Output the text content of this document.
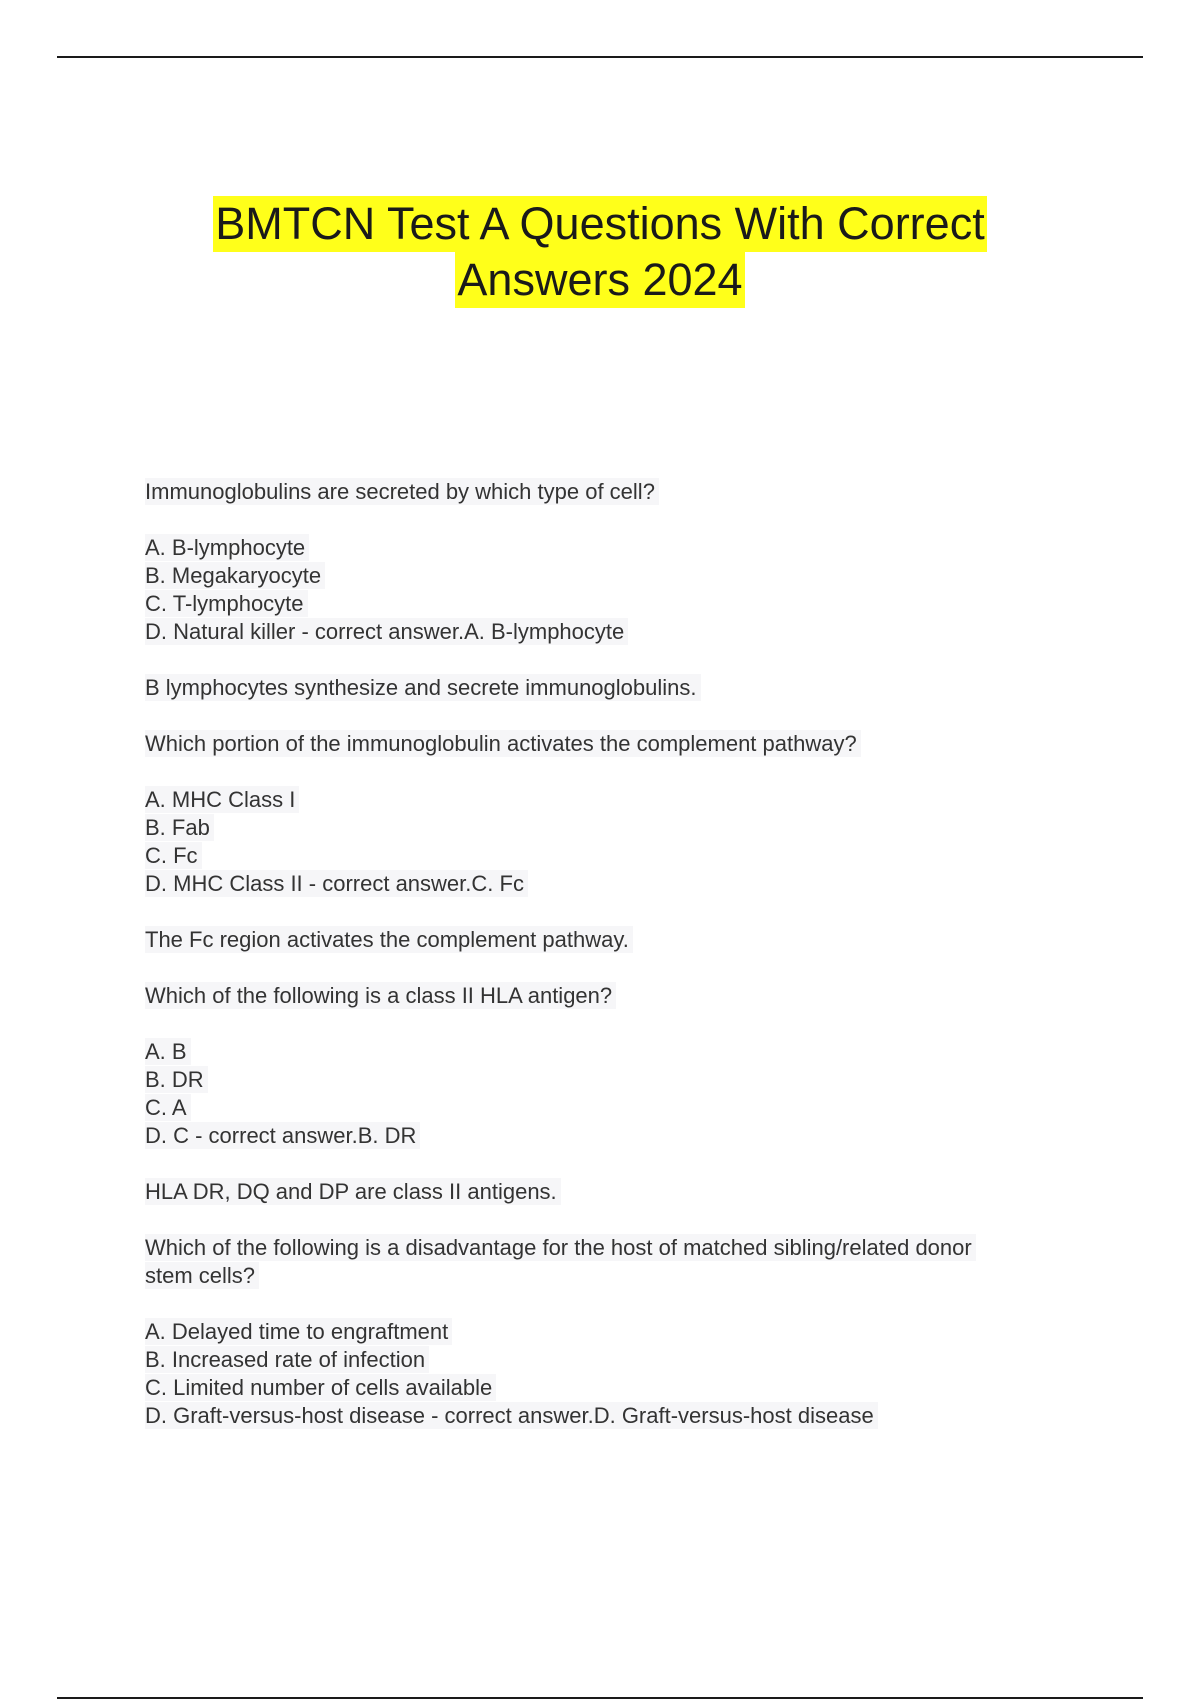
BMTCN Test A Questions With Correct
Answers 2024

Immunoglobulins are secreted by which type of cell?

A. B-lymphocyte

B. Megakaryocyte

C. T-lymphocyte

D. Natural killer - correct answer.A. B-lymphocyte

B lymphocytes synthesize and secrete immunoglobulins.

Which portion of the immunoglobulin activates the complement pathway?

A. MHC Class I

B. Fab

C. Fc

D. MHC Class II - correct answer.C. Fc

The Fc region activates the complement pathway.

Which of the following is a class II HLA antigen?

A. B

B. DR

C. A

D. C - correct answer.B. DR

HLA DR, DQ and DP are class II antigens.

Which of the following is a disadvantage for the host of matched sibling/related donor

stem cells?

A. Delayed time to engraftment

B. Increased rate of infection

C. Limited number of cells available

D. Graft-versus-host disease - correct answer.D. Graft-versus-host disease
